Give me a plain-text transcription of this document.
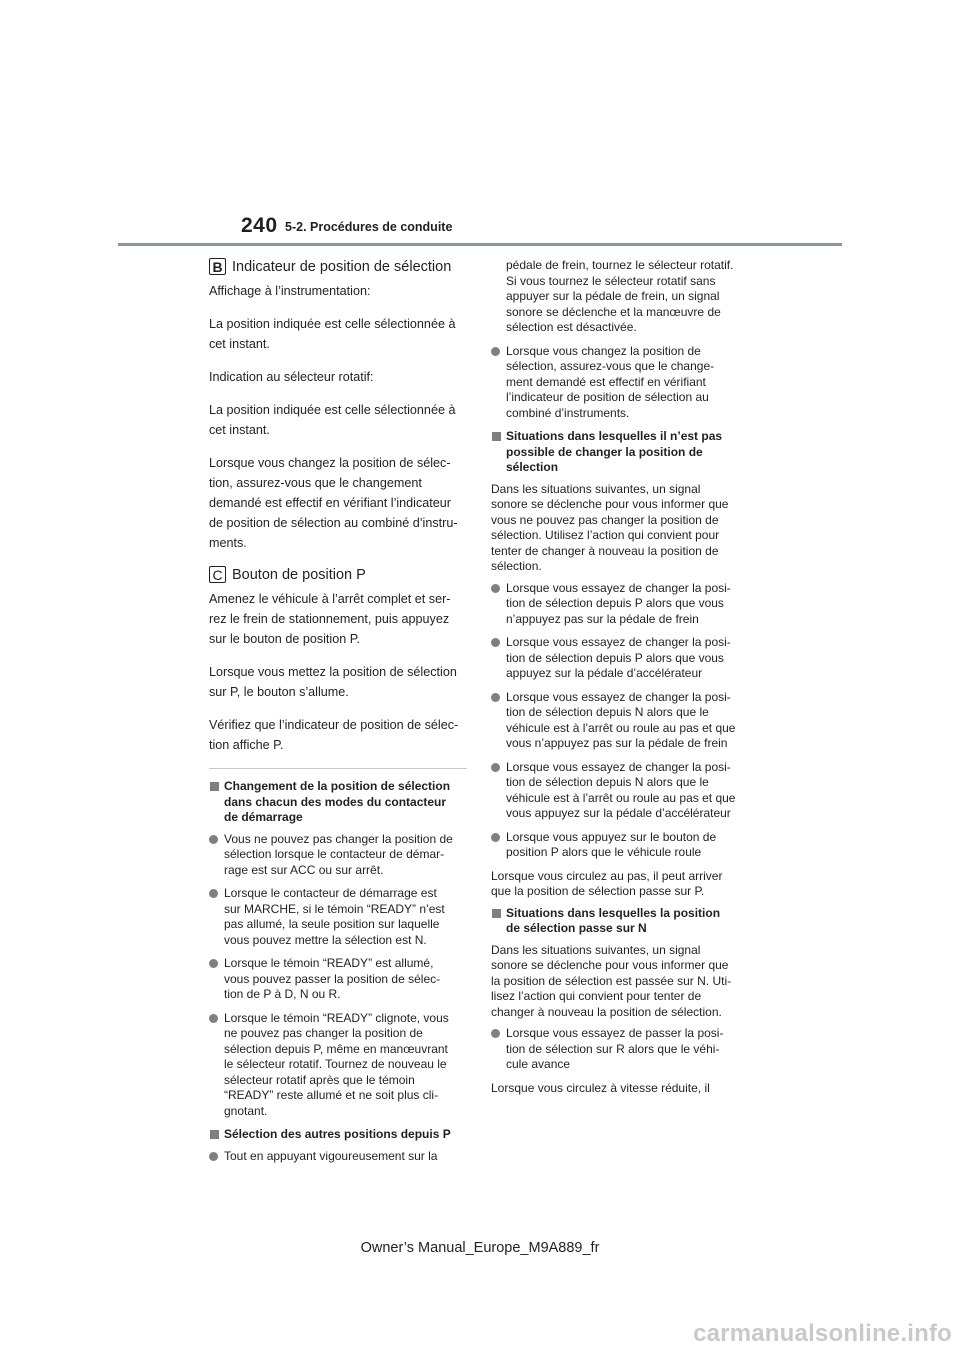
240 5-2. Procédures de conduite
B Indicateur de position de sélection
Affichage à l’instrumentation:
La position indiquée est celle sélectionnée à
cet instant.
Indication au sélecteur rotatif:
La position indiquée est celle sélectionnée à
cet instant.
Lorsque vous changez la position de sélec-
tion, assurez-vous que le changement
demandé est effectif en vérifiant l’indicateur
de position de sélection au combiné d’instru-
ments.
C Bouton de position P
Amenez le véhicule à l’arrêt complet et ser-
rez le frein de stationnement, puis appuyez
sur le bouton de position P.
Lorsque vous mettez la position de sélection
sur P, le bouton s’allume.
Vérifiez que l’indicateur de position de sélec-
tion affiche P.
Changement de la position de sélection
dans chacun des modes du contacteur
de démarrage
Vous ne pouvez pas changer la position de
sélection lorsque le contacteur de démar-
rage est sur ACC ou sur arrêt.
Lorsque le contacteur de démarrage est
sur MARCHE, si le témoin “READY” n’est
pas allumé, la seule position sur laquelle
vous pouvez mettre la sélection est N.
Lorsque le témoin “READY” est allumé,
vous pouvez passer la position de sélec-
tion de P à D, N ou R.
Lorsque le témoin “READY” clignote, vous
ne pouvez pas changer la position de
sélection depuis P, même en manœuvrant
le sélecteur rotatif. Tournez de nouveau le
sélecteur rotatif après que le témoin
“READY” reste allumé et ne soit plus cli-
gnotant.
Sélection des autres positions depuis P
Tout en appuyant vigoureusement sur la
pédale de frein, tournez le sélecteur rotatif.
Si vous tournez le sélecteur rotatif sans
appuyer sur la pédale de frein, un signal
sonore se déclenche et la manœuvre de
sélection est désactivée.
Lorsque vous changez la position de
sélection, assurez-vous que le change-
ment demandé est effectif en vérifiant
l’indicateur de position de sélection au
combiné d’instruments.
Situations dans lesquelles il n’est pas
possible de changer la position de
sélection
Dans les situations suivantes, un signal
sonore se déclenche pour vous informer que
vous ne pouvez pas changer la position de
sélection. Utilisez l’action qui convient pour
tenter de changer à nouveau la position de
sélection.
Lorsque vous essayez de changer la posi-
tion de sélection depuis P alors que vous
n’appuyez pas sur la pédale de frein
Lorsque vous essayez de changer la posi-
tion de sélection depuis P alors que vous
appuyez sur la pédale d’accélérateur
Lorsque vous essayez de changer la posi-
tion de sélection depuis N alors que le
véhicule est à l’arrêt ou roule au pas et que
vous n’appuyez pas sur la pédale de frein
Lorsque vous essayez de changer la posi-
tion de sélection depuis N alors que le
véhicule est à l’arrêt ou roule au pas et que
vous appuyez sur la pédale d’accélérateur
Lorsque vous appuyez sur le bouton de
position P alors que le véhicule roule
Lorsque vous circulez au pas, il peut arriver
que la position de sélection passe sur P.
Situations dans lesquelles la position
de sélection passe sur N
Dans les situations suivantes, un signal
sonore se déclenche pour vous informer que
la position de sélection est passée sur N. Uti-
lisez l’action qui convient pour tenter de
changer à nouveau la position de sélection.
Lorsque vous essayez de passer la posi-
tion de sélection sur R alors que le véhi-
cule avance
Lorsque vous circulez à vitesse réduite, il
Owner’s Manual_Europe_M9A889_fr
carmanualsonline.info
